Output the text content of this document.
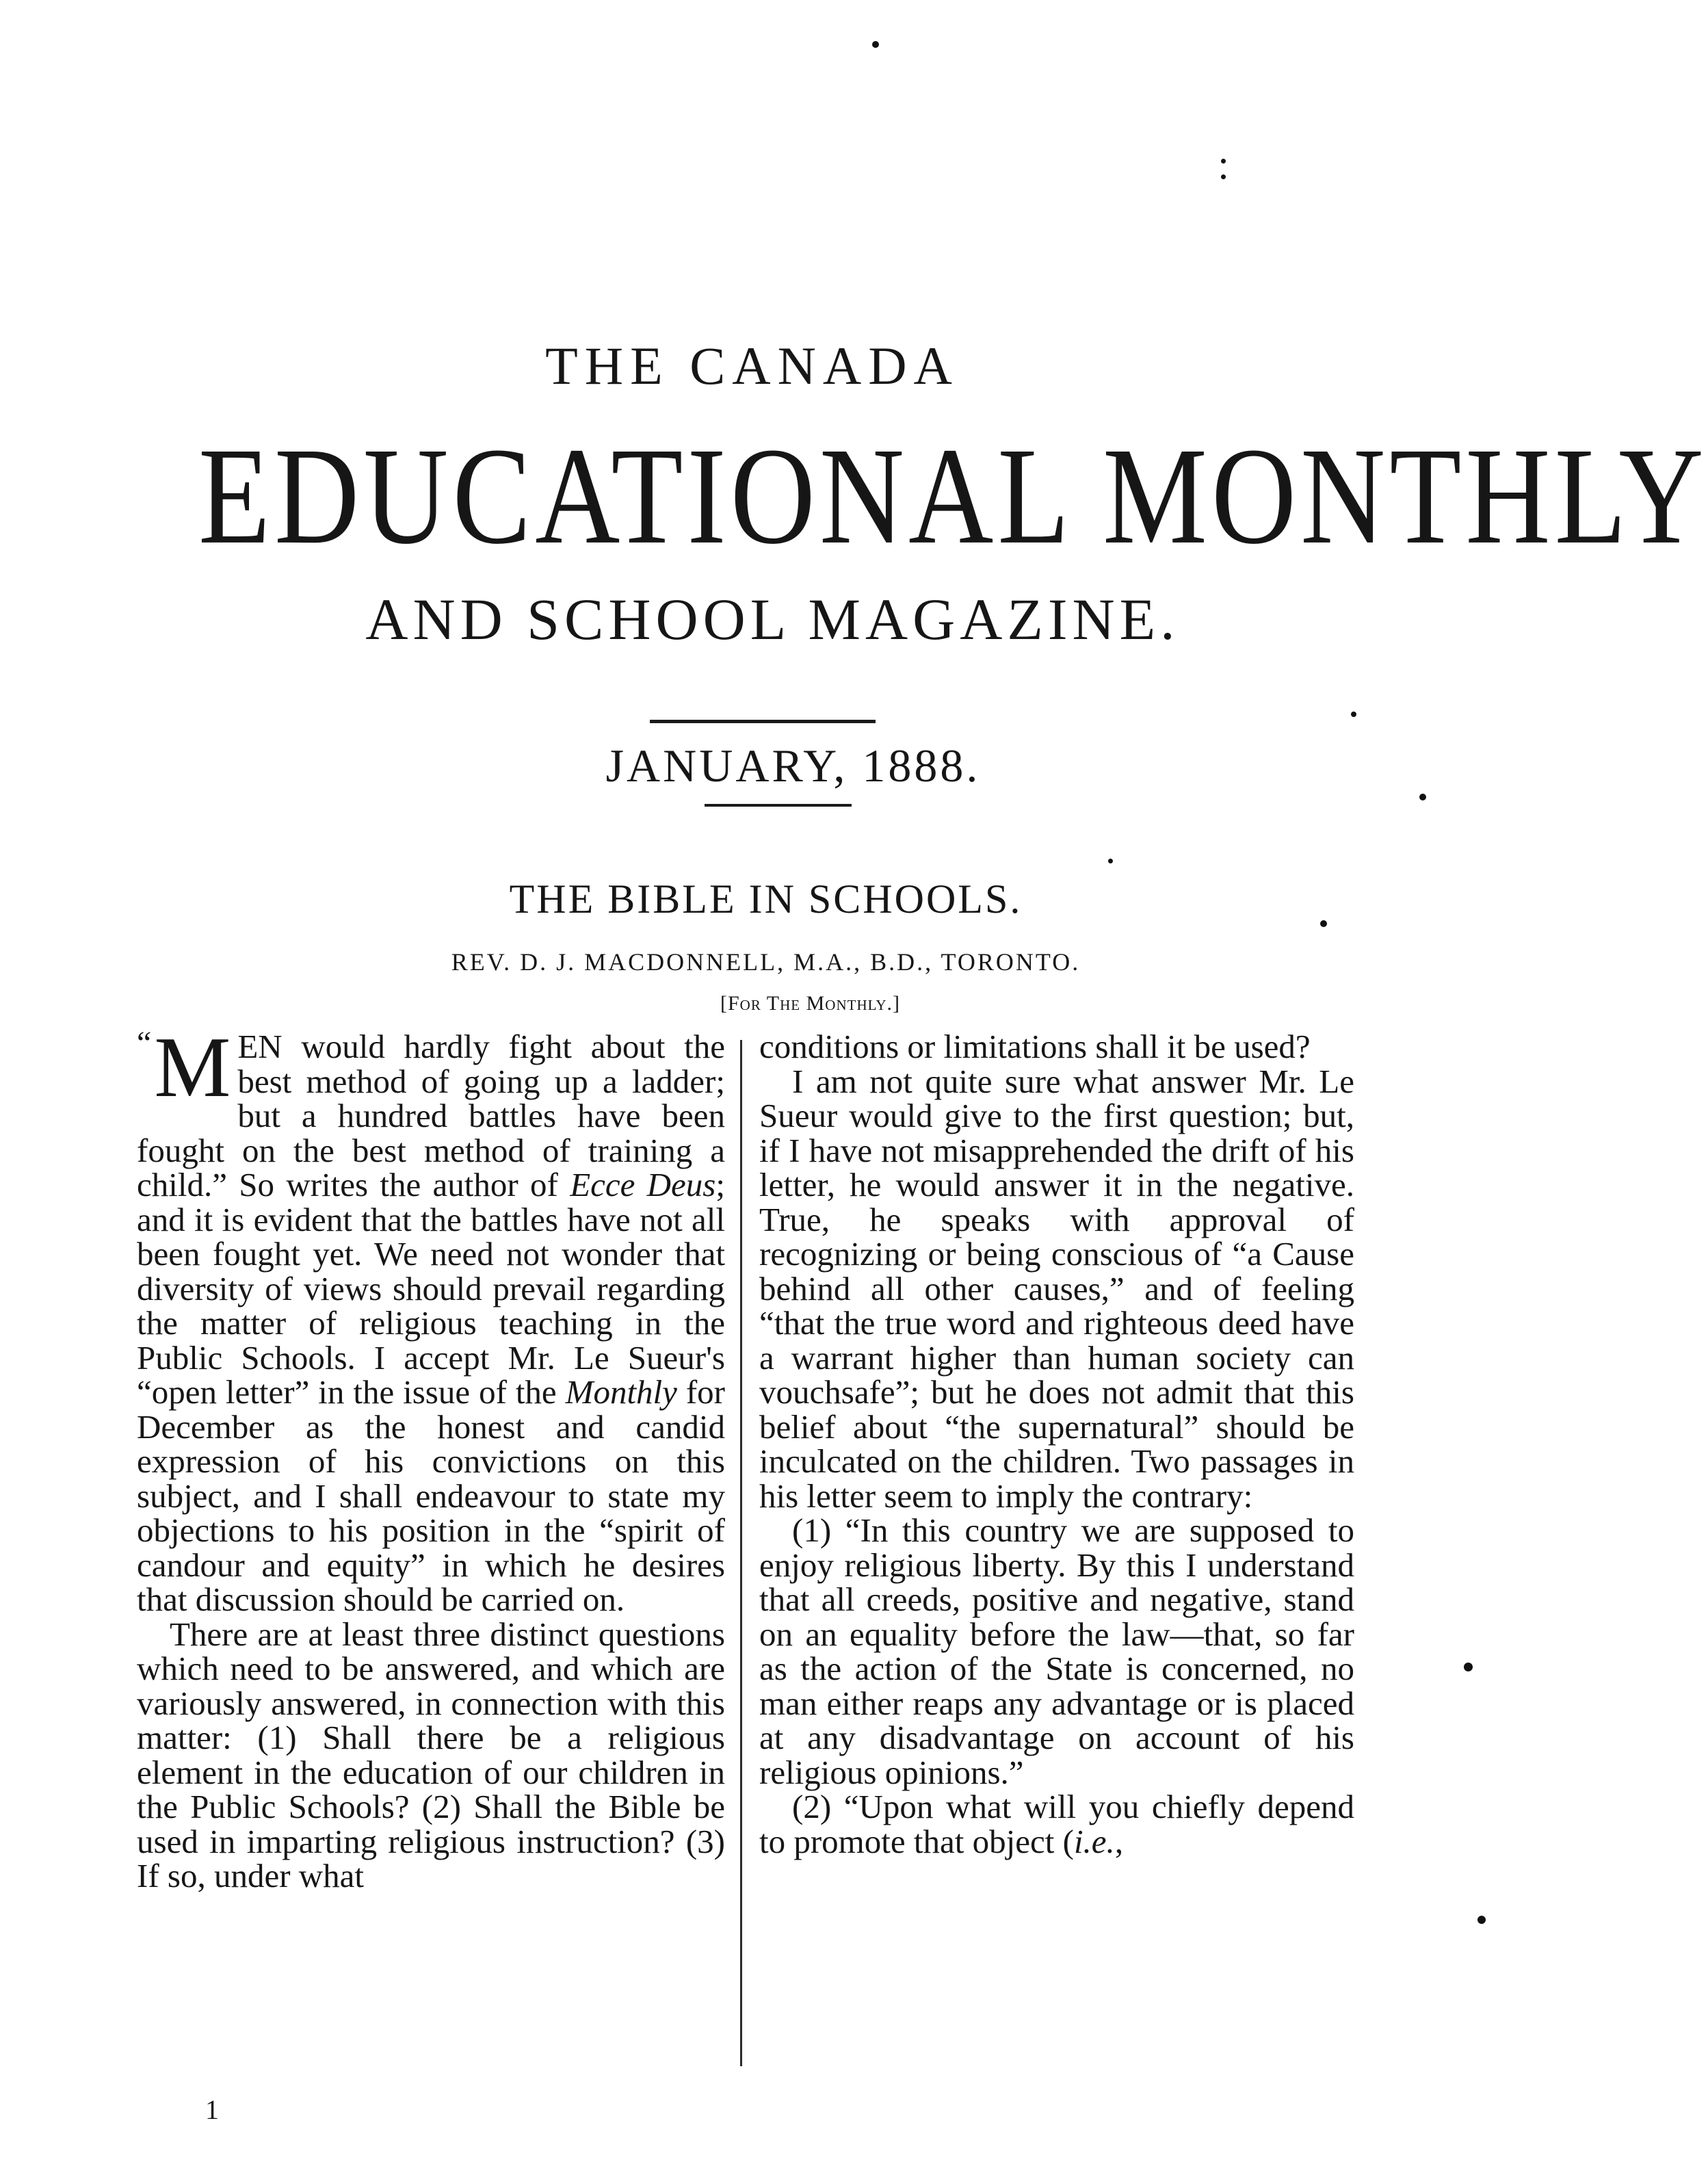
THE CANADA
EDUCATIONAL MONTHLY
AND SCHOOL MAGAZINE.
JANUARY, 1888.
THE BIBLE IN SCHOOLS.
REV. D. J. MACDONNELL, M.A., B.D., TORONTO.
[For The Monthly.]

“ M EN would hardly fight about the best method of going up a ladder; but a hundred battles have been fought on the best method of training a child.” So writes the author of Ecce Deus; and it is evident that the battles have not all been fought yet. We need not wonder that diversity of views should prevail regarding the matter of religious teaching in the Public Schools. I accept Mr. Le Sueur's “open letter” in the issue of the Monthly for December as the honest and candid expression of his convictions on this subject, and I shall endeavour to state my objections to his position in the “spirit of candour and equity” in which he desires that discussion should be carried on.

There are at least three distinct questions which need to be answered, and which are variously answered, in connection with this matter: (1) Shall there be a religious element in the education of our children in the Public Schools? (2) Shall the Bible be used in imparting religious instruction? (3) If so, under what

conditions or limitations shall it be used?

I am not quite sure what answer Mr. Le Sueur would give to the first question; but, if I have not misapprehended the drift of his letter, he would answer it in the negative. True, he speaks with approval of recognizing or being conscious of “a Cause behind all other causes,” and of feeling “that the true word and righteous deed have a warrant higher than human society can vouchsafe”; but he does not admit that this belief about “the supernatural” should be inculcated on the children. Two passages in his letter seem to imply the contrary:

(1) “In this country we are supposed to enjoy religious liberty. By this I understand that all creeds, positive and negative, stand on an equality before the law—that, so far as the action of the State is concerned, no man either reaps any advantage or is placed at any disadvantage on account of his religious opinions.”

(2) “Upon what will you chiefly depend to promote that object (i.e.,

1
